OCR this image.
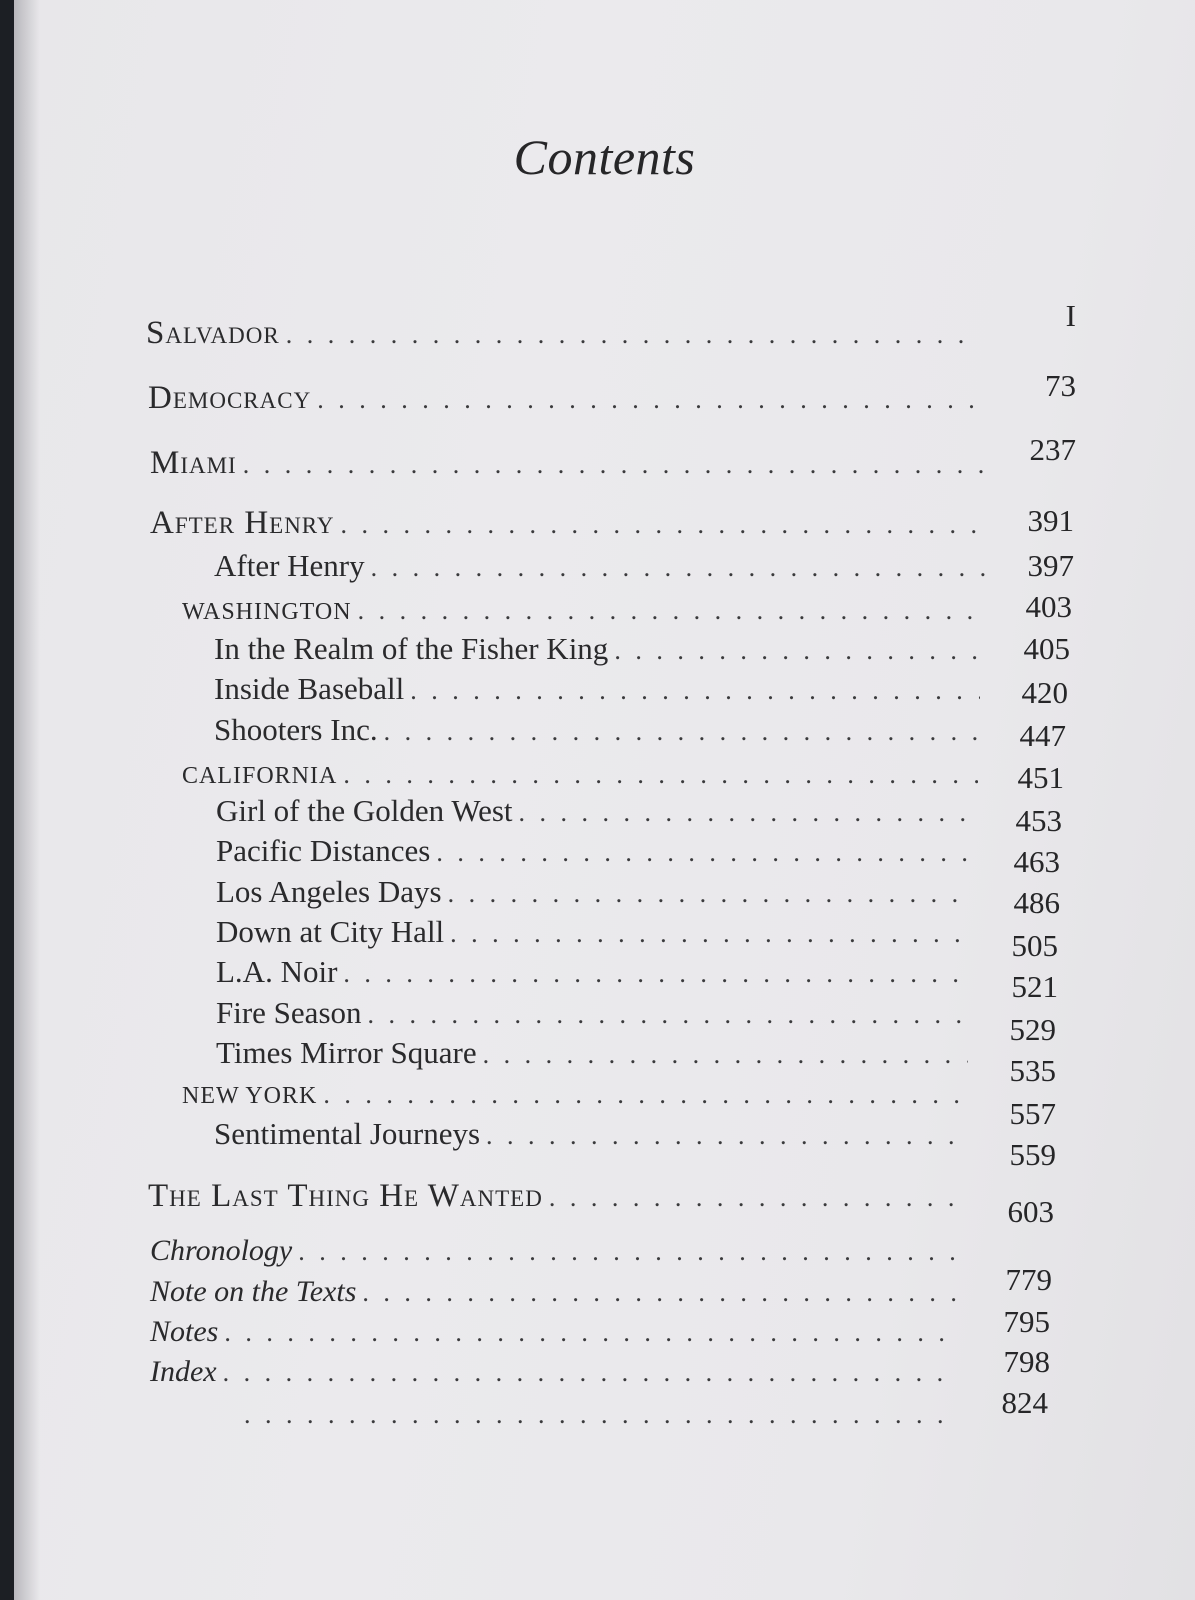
Contents
Salvador
. . .
Democracy
. . .
Miami
. . .
After Henry
. . .
After Henry
. . .
WASHINGTON
. . .
In the Realm of the Fisher King
. . .
Inside Baseball
. . .
Shooters Inc.
. . .
CALIFORNIA
. . .
Girl of the Golden West
. . .
Pacific Distances
. . .
Los Angeles Days
. . .
Down at City Hall
. . .
L.A. Noir
. . .
Fire Season
. . .
Times Mirror Square
. . .
NEW YORK
. . .
Sentimental Journeys
. . .
The Last Thing He Wanted
. . .
Chronology
. . .
Note on the Texts
. . .
Notes
. . .
Index
. . .
. . .
I
73
237
391
397
403
405
420
447
451
453
463
486
505
521
529
535
557
559
603
779
795
798
824
